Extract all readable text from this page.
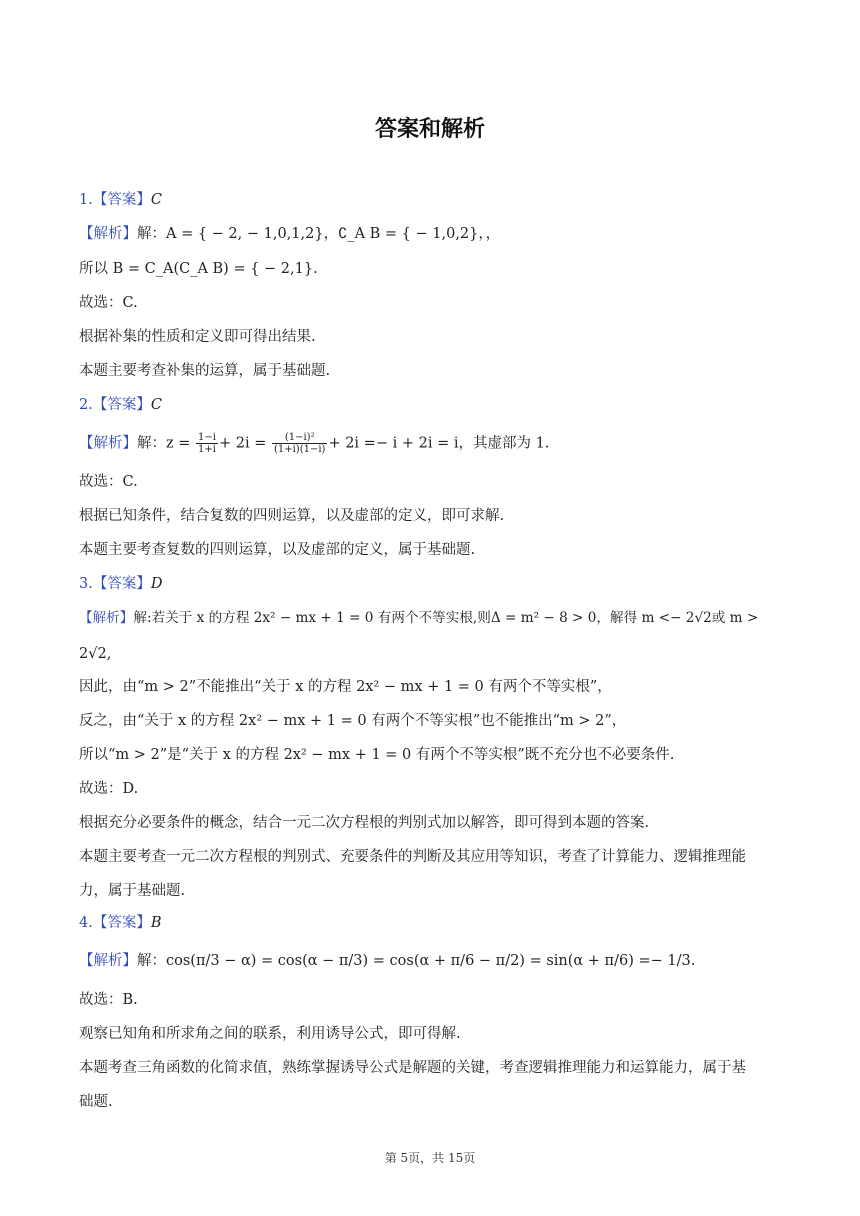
答案和解析
1.【答案】C
【解析】解：A = { − 2, − 1,0,1,2}，∁_A B = { − 1,0,2}，，
所以 B = C_A(C_A B) = { − 2,1}.
故选：C.
根据补集的性质和定义即可得出结果.
本题主要考查补集的运算，属于基础题.
2.【答案】C
【解析】解：$z = \frac{1-i}{1+i} + 2i = \frac{\text{(1−i)²}}{(1+i)(1-i)} + 2i =- i + 2i = i$，其虚部为 1.
故选：C.
根据已知条件，结合复数的四则运算，以及虚部的定义，即可求解.
本题主要考查复数的四则运算，以及虚部的定义，属于基础题.
3.【答案】D
【解析】解:若关于 x 的方程 2x² − mx + 1 = 0 有两个不等实根,则Δ = m² − 8 > 0，解得 m <− 2√2或 m >
2√2,
因此，由“m > 2”不能推出“关于 x 的方程 2x² − mx + 1 = 0 有两个不等实根”，
反之，由“关于 x 的方程 2x² − mx + 1 = 0 有两个不等实根”也不能推出“m > 2”，
所以“m > 2”是“关于 x 的方程 2x² − mx + 1 = 0 有两个不等实根”既不充分也不必要条件.
故选：D.
根据充分必要条件的概念，结合一元二次方程根的判别式加以解答，即可得到本题的答案.
本题主要考查一元二次方程根的判别式、充要条件的判断及其应用等知识，考查了计算能力、逻辑推理能
力，属于基础题.
4.【答案】B
【解析】解：cos(π/3 − α) = cos(α − π/3) = cos(α + π/6 − π/2) = sin(α + π/6) =− 1/3.
故选：B.
观察已知角和所求角之间的联系，利用诱导公式，即可得解.
本题考查三角函数的化简求值，熟练掌握诱导公式是解题的关键，考查逻辑推理能力和运算能力，属于基
础题.
第 5页，共 15页
